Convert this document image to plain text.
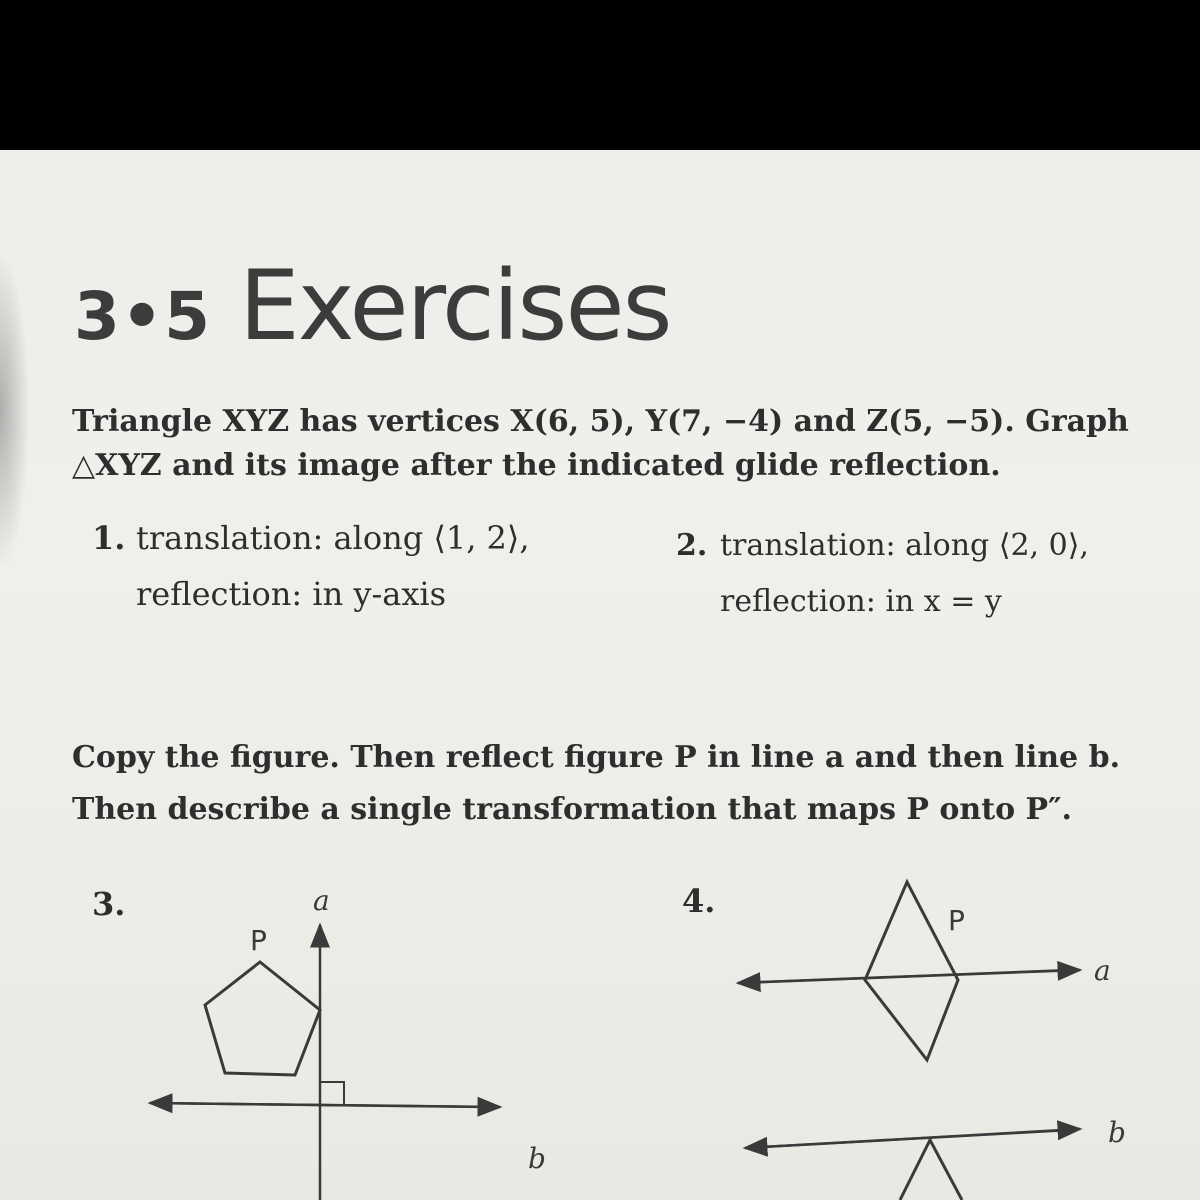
3•5 Exercises
Triangle XYZ has vertices X(6, 5), Y(7, −4) and Z(5, −5). Graph
△XYZ and its image after the indicated glide reflection.
1. translation: along ⟨1, 2⟩,
reflection: in y-axis
2. translation: along ⟨2, 0⟩,
reflection: in x = y
Copy the figure. Then reflect figure P in line a and then line b.
Then describe a single transformation that maps P onto P″.
3.
P
a
b
4.
P
a
b
